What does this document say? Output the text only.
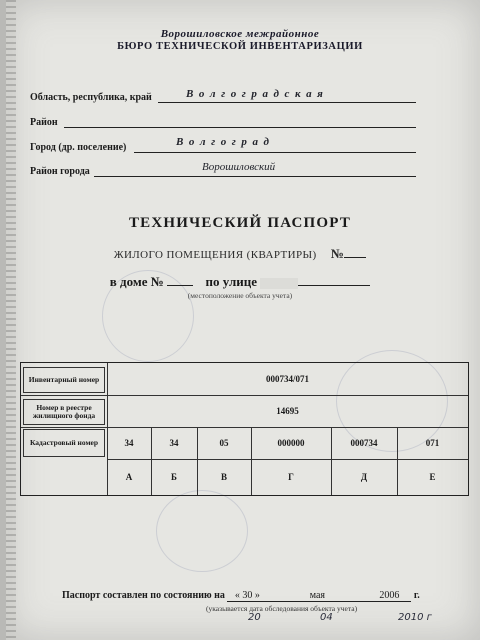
Ворошиловское межрайонное
БЮРО ТЕХНИЧЕСКОЙ ИНВЕНТАРИЗАЦИИ
Область, республика, край	В о л г о г р а д с к а я
Район
Город (др. поселение)	В о л г о г р а д
Район города	Ворошиловский
ТЕХНИЧЕСКИЙ ПАСПОРТ
ЖИЛОГО ПОМЕЩЕНИЯ (КВАРТИРЫ) №
в доме №	по улице
(местоположение объекта учета)
Инвентарный номер	000734/071
Номер в реестре жилищного фонда	14695
Кадастровый номер	34	34	05	000000	000734	071
А	Б	В	Г	Д	Е
Паспорт составлен по состоянию на « 30 »	мая	2006 г.
(указывается дата обследования объекта учета)
20	04	2010 г
